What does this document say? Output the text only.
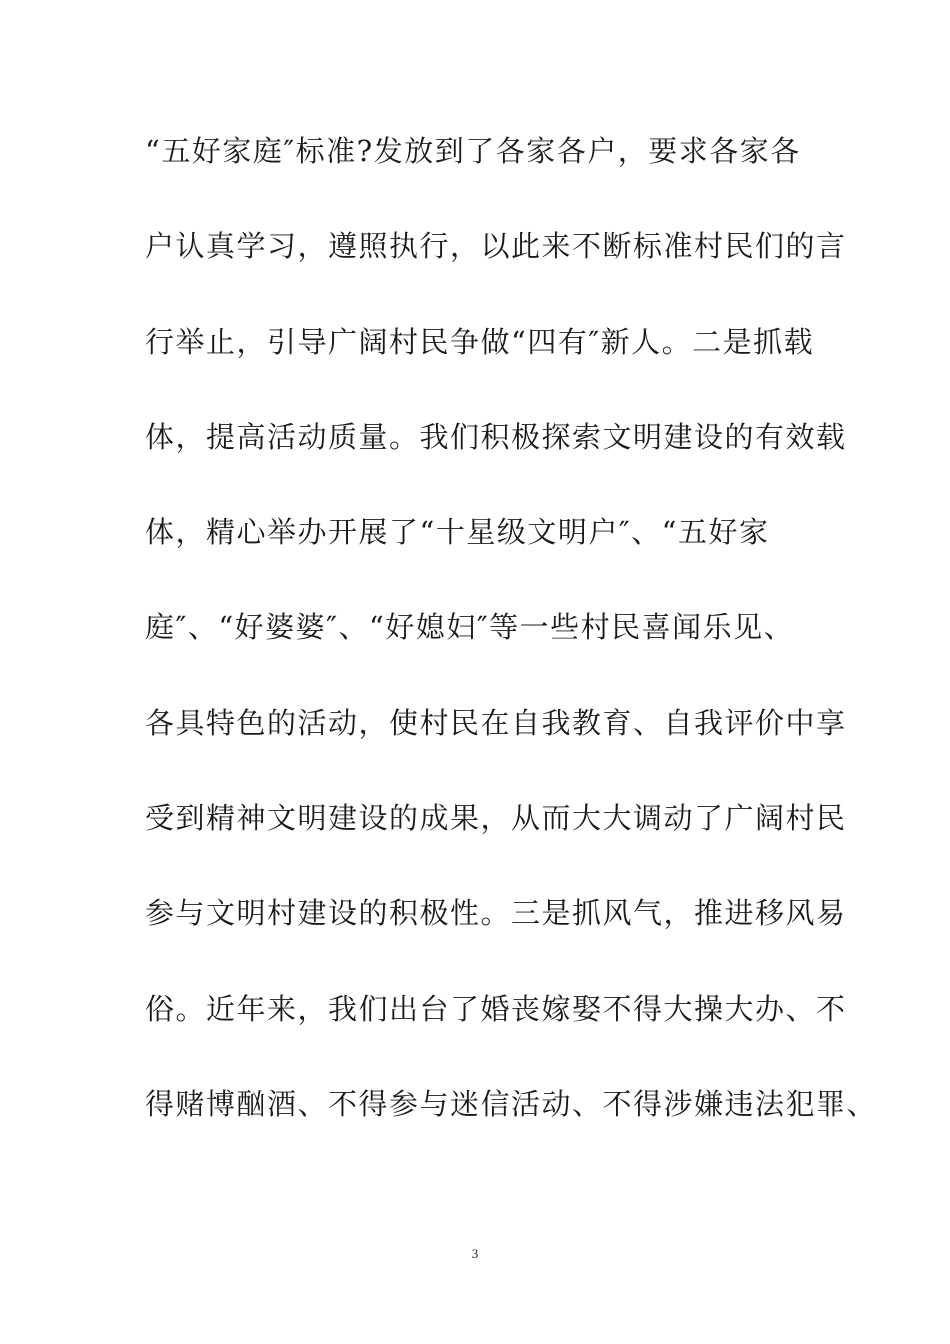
“五好家庭″标准?发放到了各家各户，要求各家各
户认真学习，遵照执行，以此来不断标准村民们的言
行举止，引导广阔村民争做“四有″新人。二是抓载
体，提高活动质量。我们积极探索文明建设的有效载
体，精心举办开展了“十星级文明户″、“五好家
庭″、“好婆婆″、“好媳妇″等一些村民喜闻乐见、
各具特色的活动，使村民在自我教育、自我评价中享
受到精神文明建设的成果，从而大大调动了广阔村民
参与文明村建设的积极性。三是抓风气，推进移风易
俗。近年来，我们出台了婚丧嫁娶不得大操大办、不
得赌博酗酒、不得参与迷信活动、不得涉嫌违法犯罪、
3
